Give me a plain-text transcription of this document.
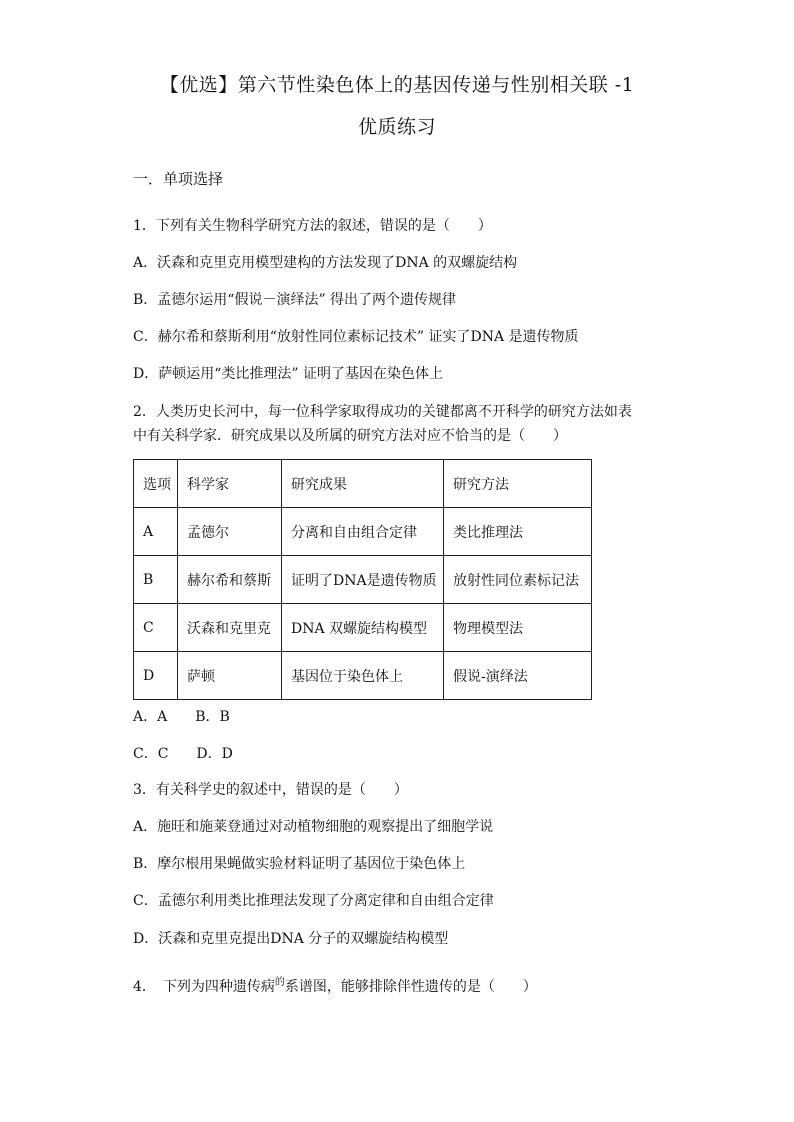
【优选】第六节性染色体上的基因传递与性别相关联 -1
优质练习
一．单项选择
1．下列有关生物科学研究方法的叙述，错误的是（　　）
A．沃森和克里克用模型建构的方法发现了DNA 的双螺旋结构
B．孟德尔运用“假说－演绎法” 得出了两个遗传规律
C．赫尔希和蔡斯利用“放射性同位素标记技术” 证实了DNA 是遗传物质
D．萨顿运用“类比推理法” 证明了基因在染色体上
2．人类历史长河中，每一位科学家取得成功的关键都离不开科学的研究方法如表
中有关科学家．研究成果以及所属的研究方法对应不恰当的是（　　）
选项	科学家	研究成果	研究方法
A	孟德尔	分离和自由组合定律	类比推理法
B	赫尔希和蔡斯	证明了DNA是遗传物质	放射性同位素标记法
C	沃森和克里克	DNA 双螺旋结构模型	物理模型法
D	萨顿	基因位于染色体上	假说-演绎法
A．A　　B．B
C．C　　D．D
3．有关科学史的叙述中，错误的是（　　）
A．施旺和施莱登通过对动植物细胞的观察提出了细胞学说
B．摩尔根用果蝇做实验材料证明了基因位于染色体上
C．孟德尔利用类比推理法发现了分离定律和自由组合定律
D．沃森和克里克提出DNA 分子的双螺旋结构模型
4．　下列为四种遗传病$^的$系谱图，能够排除伴性遗传的是（　　）
